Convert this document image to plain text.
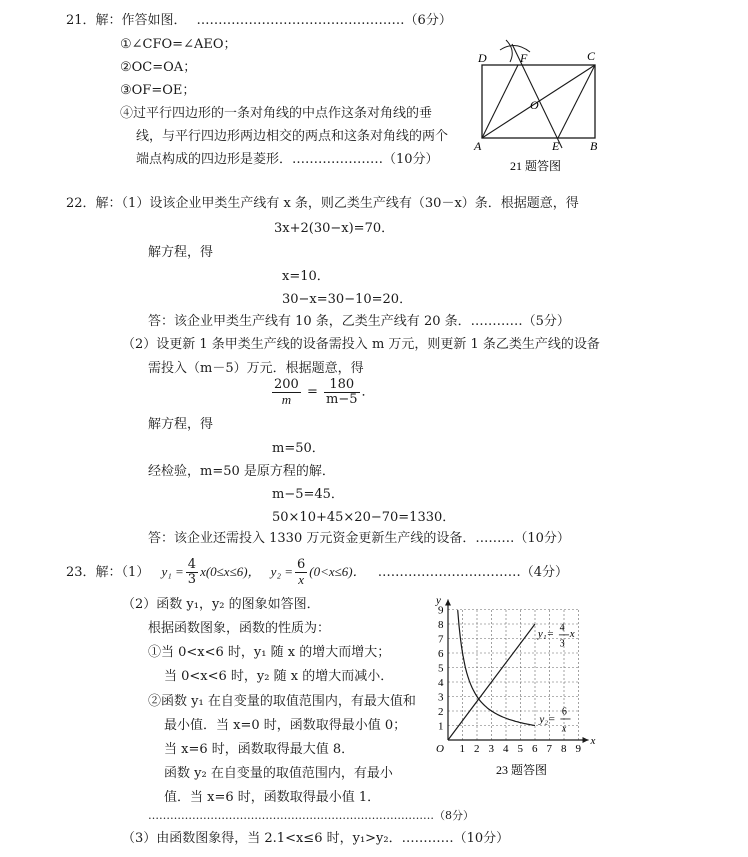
21．解：作答如图． …………………………………………（6分）
①∠CFO=∠AEO；
②OC=OA；
③OF=OE；
④过平行四边形的一条对角线的中点作这条对角线的垂
线，与平行四边形两边相交的两点和这条对角线的两个
端点构成的四边形是菱形．…………………（10分）
D	F	C
O
A	E	B
21 题答图
22．解：（1）设该企业甲类生产线有 x 条，则乙类生产线有（30－x）条．根据题意，得
3x+2(30−x)=70．
解方程，得
x=10．
30−x=30−10=20．
答：该企业甲类生产线有 10 条，乙类生产线有 20 条．…………（5分）
（2）设更新 1 条甲类生产线的设备需投入 m 万元，则更新 1 条乙类生产线的设备
需投入（m－5）万元．根据题意，得
$\frac{200}{m} = \frac{180}{m-5}$ ．
解方程，得
m=50．
经检验，m=50 是原方程的解．
m−5=45．
50×10+45×20−70=1330．
答：该企业还需投入 1330 万元资金更新生产线的设备．………（10分）
23．解：（1） $y_1 = \frac{4}{3} x(0\le x\le 6)$， $y_2 = \frac{6}{x} (0<x\le 6)$． ……………………………（4分）
（2）函数 y₁，y₂ 的图象如答图．
根据函数图象，函数的性质为：
①当 0<x<6 时，y₁ 随 x 的增大而增大；
当 0<x<6 时，y₂ 随 x 的增大而减小．
②函数 y₁ 在自变量的取值范围内，有最大值和
最小值．当 x=0 时，函数取得最小值 0；
当 x=6 时，函数取得最大值 8．
函数 y₂ 在自变量的取值范围内，有最小
值．当 x=6 时，函数取得最小值 1．
……………………………………………………………………（8分）
（3）由函数图象得，当 2.1<x≤6 时，y₁>y₂．…………（10分）
1 2 3 4 5 6 7 8 9
1
2
3
4
5
6
7
8
9
O
x
y
y₁=
4
3
x
y₂=
6
x
23 题答图
